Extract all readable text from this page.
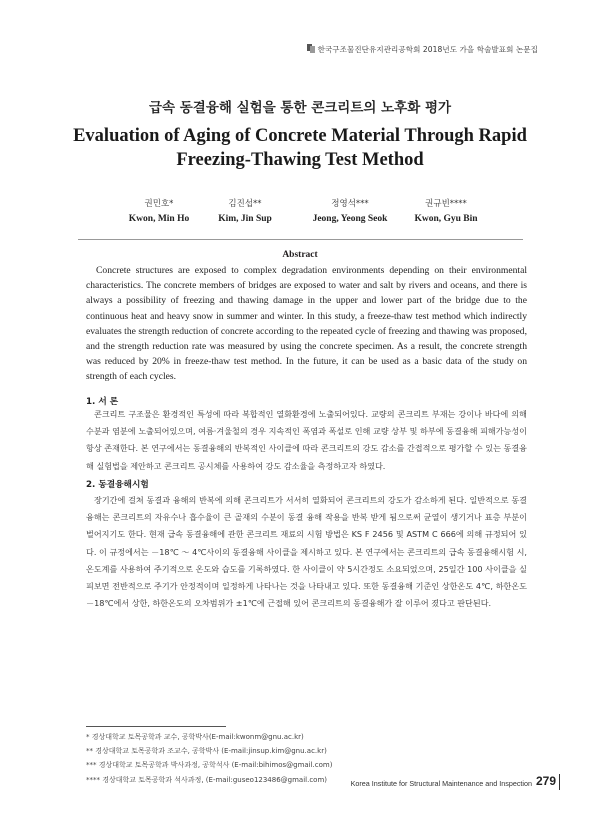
한국구조물진단유지관리공학회 2018년도 가을 학술발표회 논문집
급속 동결융해 실험을 통한 콘크리트의 노후화 평가
Evaluation of Aging of Concrete Material Through Rapid
Freezing-Thawing Test Method
권민호*
Kwon, Min Ho
김진섭**
Kim, Jin Sup
정영석***
Jeong, Yeong Seok
권규빈****
Kwon, Gyu Bin
Abstract

Concrete structures are exposed to complex degradation environments depending on their environmental characteristics. The concrete members of bridges are exposed to water and salt by rivers and oceans, and there is always a possibility of freezing and thawing damage in the upper and lower part of the bridge due to the continuous heat and heavy snow in summer and winter. In this study, a freeze-thaw test method which indirectly evaluates the strength reduction of concrete according to the repeated cycle of freezing and thawing was proposed, and the strength reduction rate was measured by using the concrete specimen. As a result, the concrete strength was reduced by 20% in freeze-thaw test method. In the future, it can be used as a basic data of the study on strength of each cycles.

1. 서 론

콘크리트 구조물은 환경적인 특성에 따라 복합적인 열화환경에 노출되어있다. 교량의 콘크리트 부재는 강이나 바다에 의해 수분과 염분에 노출되어있으며, 여름·겨울철의 경우 지속적인 폭염과 폭설로 인해 교량 상부 및 하부에 동결융해 피해가능성이 항상 존재한다. 본 연구에서는 동결융해의 반복적인 사이클에 따라 콘크리트의 강도 감소를 간접적으로 평가할 수 있는 동결융해 실험법을 제안하고 콘크리트 공시체를 사용하여 강도 감소율을 측정하고자 하였다.

2. 동결융해시험

장기간에 걸쳐 동결과 융해의 반복에 의해 콘크리트가 서서히 열화되어 콘크리트의 강도가 감소하게 된다. 일반적으로 동결융해는 콘크리트의 자유수나 흡수율이 큰 골재의 수분이 동결 융해 작용을 반복 받게 됨으로써 균열이 생기거나 표층 부분이 벌어지기도 한다. 현재 급속 동결융해에 관한 콘크리트 재료의 시험 방법은 KS F 2456 및 ASTM C 666에 의해 규정되어 있다. 이 규정에서는 －18℃ ～ 4℃사이의 동결융해 사이클을 제시하고 있다. 본 연구에서는 콘크리트의 급속 동결융해시험 시, 온도계를 사용하여 주기적으로 온도와 습도를 기록하였다. 한 사이클이 약 5시간정도 소요되었으며, 25일간 100 사이클을 실 피보면 전반적으로 주기가 안정적이며 일정하게 나타나는 것을 나타내고 있다. 또한 동결융해 기준인 상한온도 4℃, 하한온도 －18℃에서 상한, 하한온도의 오차범위가 ±1℃에 근접해 있어 콘크리트의 동결융해가 잘 이루어 졌다고 판단된다.

* 경상대학교 토목공학과 교수, 공학박사(E-mail:kwonm@gnu.ac.kr)
** 경상대학교 토목공학과 조교수, 공학박사 (E-mail:jinsup.kim@gnu.ac.kr)
*** 경상대학교 토목공학과 박사과정, 공학석사 (E-mail:bihimos@gmail.com)
**** 경상대학교 토목공학과 석사과정, (E-mail:guseo123486@gmail.com)	Korea Institute for Structural Maintenance and Inspection 279
